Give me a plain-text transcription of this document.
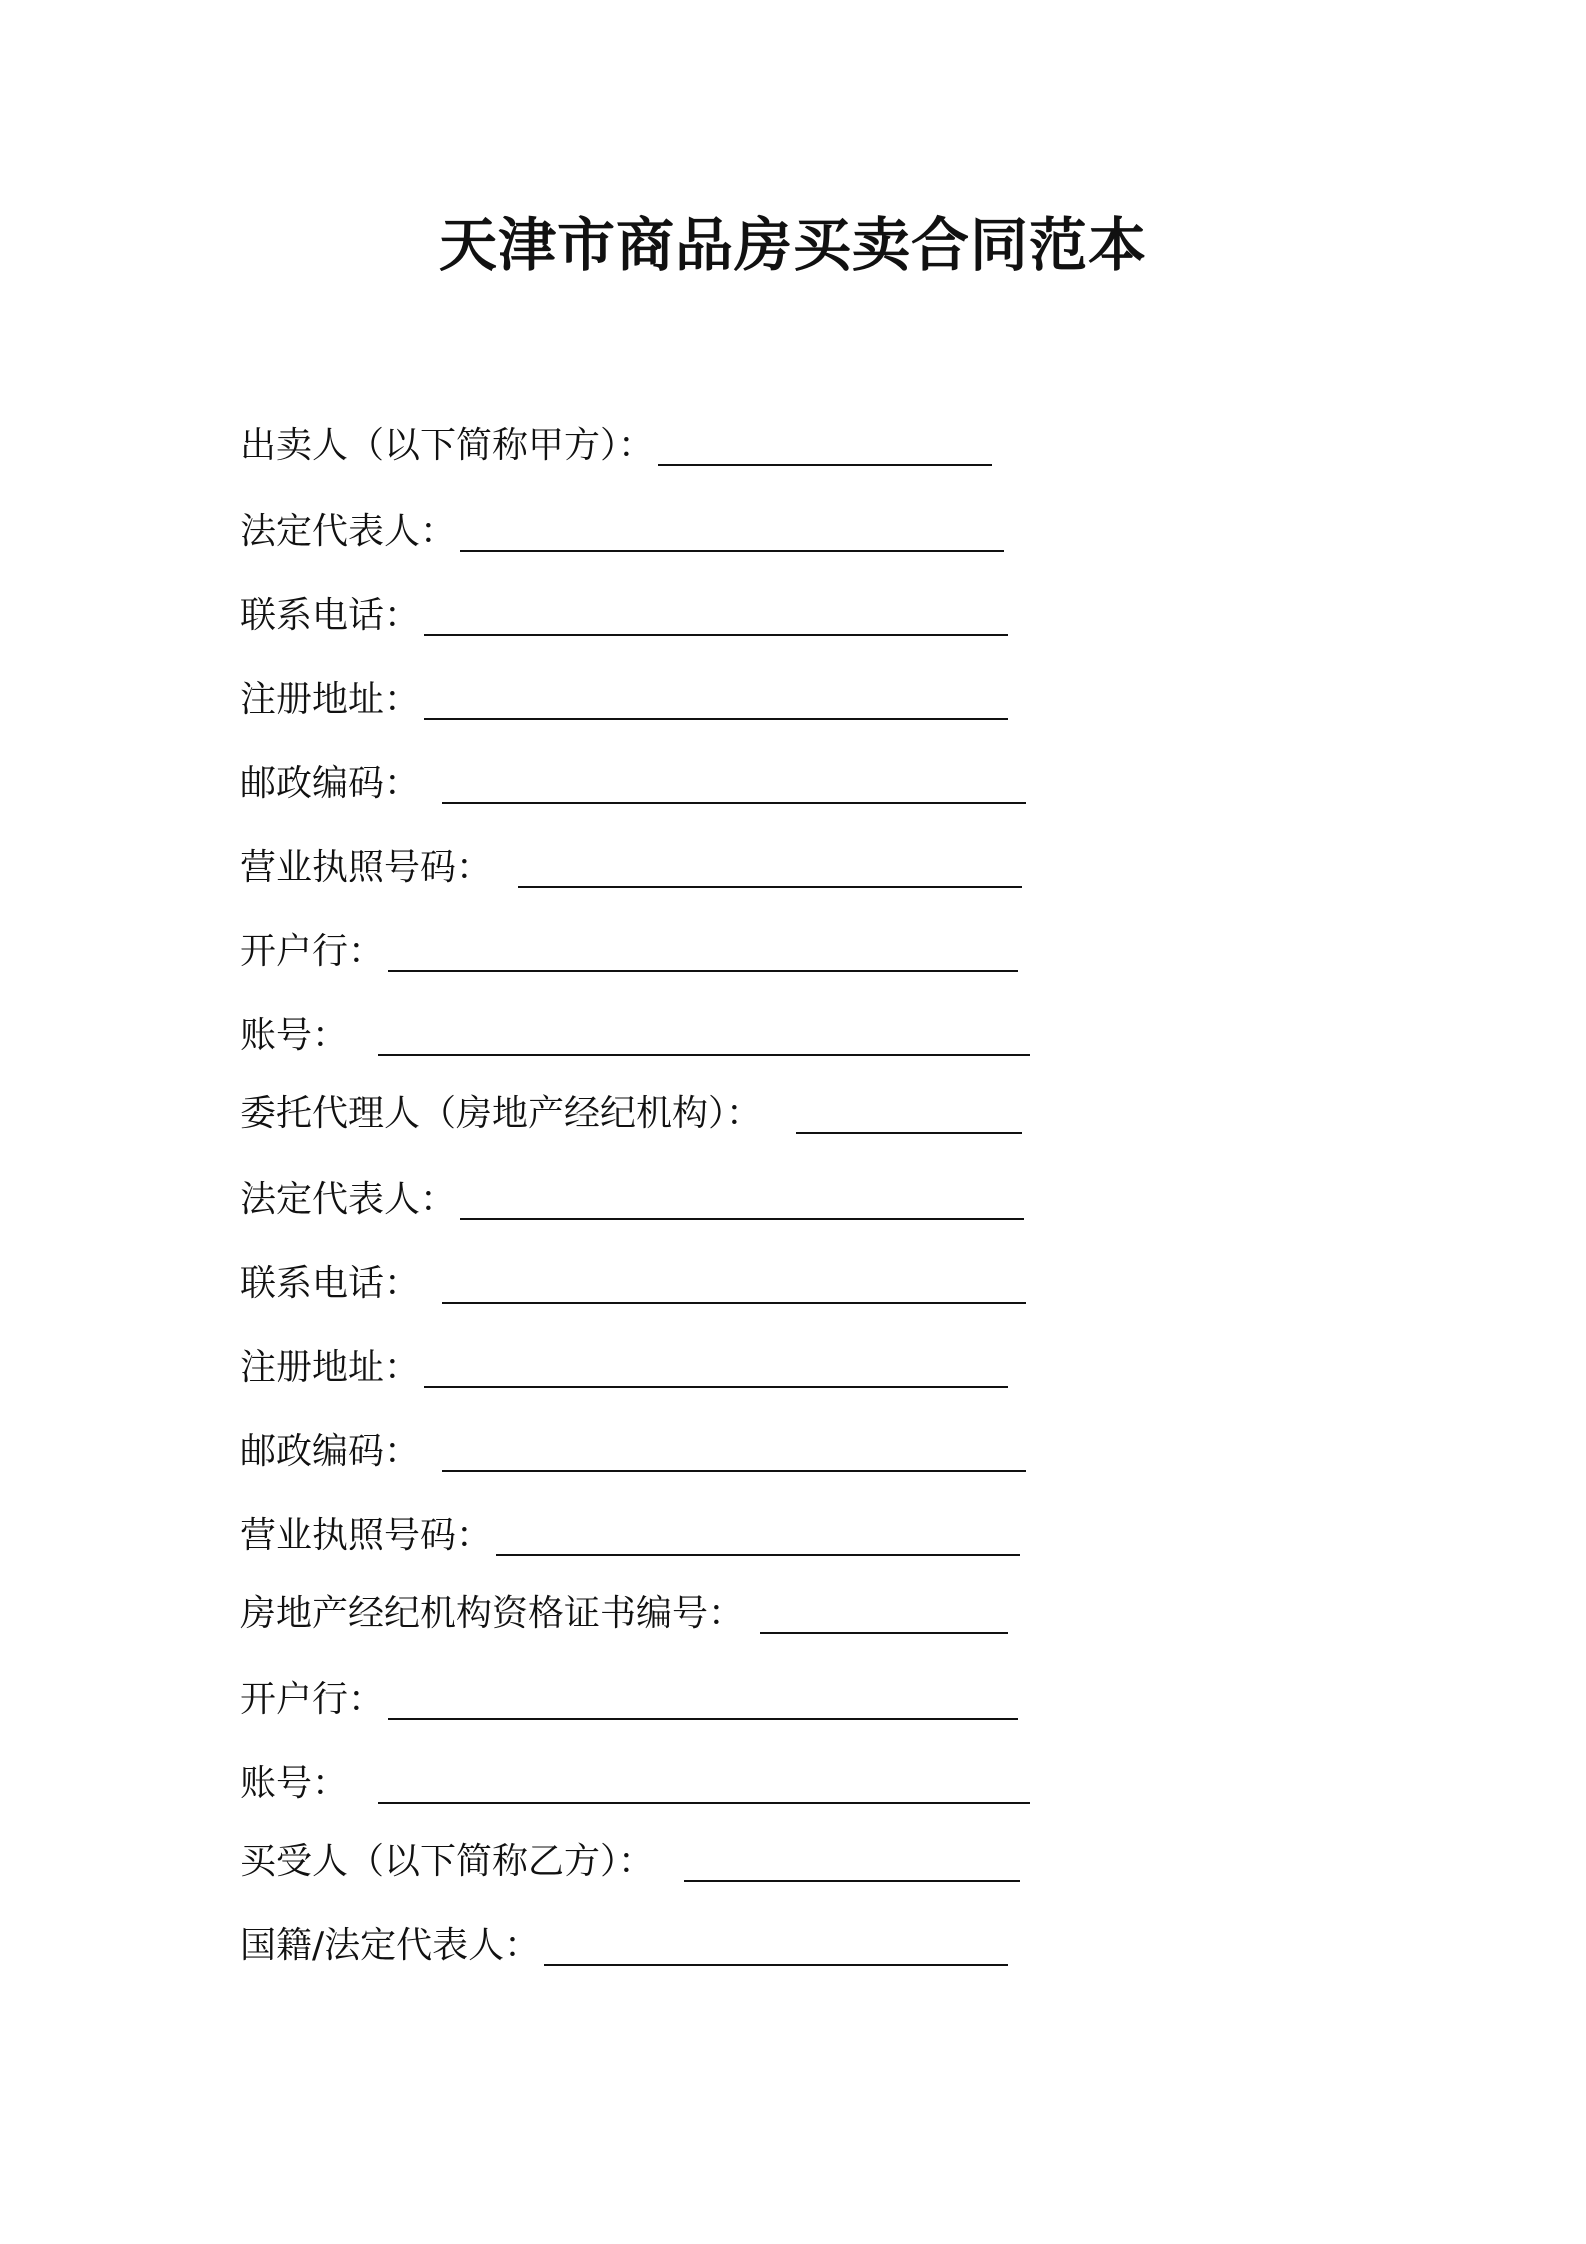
天津市商品房买卖合同范本
出卖人（以下简称甲方）：
法定代表人：
联系电话：
注册地址：
邮政编码：
营业执照号码：
开户行：
账号：
委托代理人（房地产经纪机构）：
法定代表人：
联系电话：
注册地址：
邮政编码：
营业执照号码：
房地产经纪机构资格证书编号：
开户行：
账号：
买受人（以下简称乙方）：
国籍/法定代表人：
